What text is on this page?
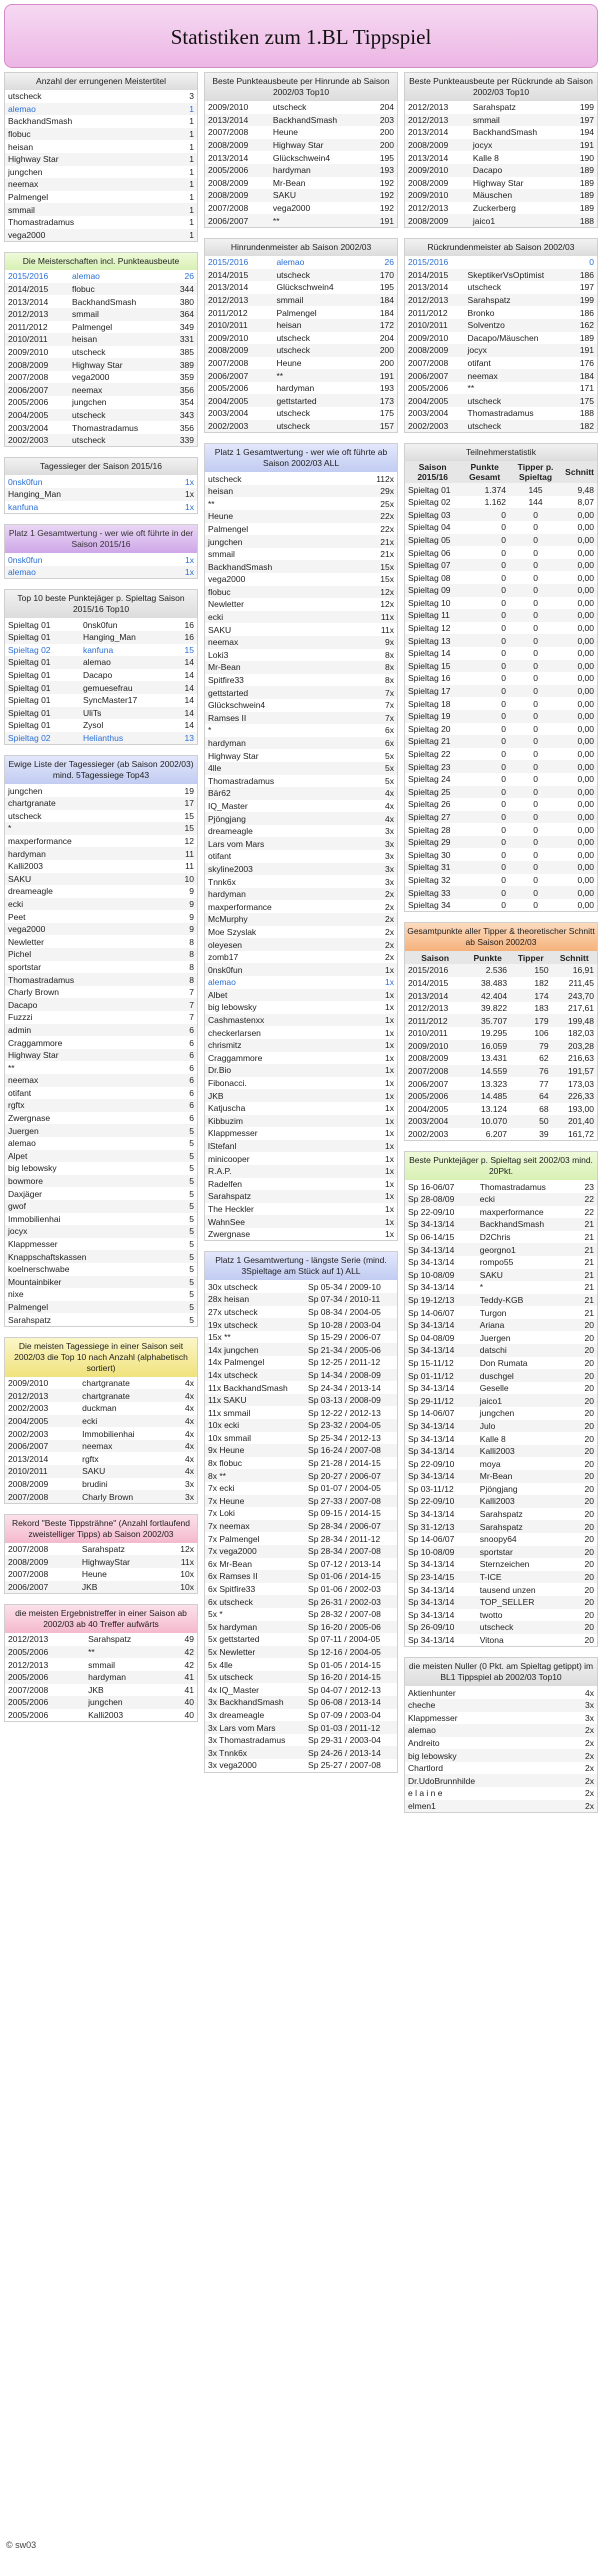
Statistiken zum 1.BL Tippspiel
Anzahl der errungenen Meistertitel
utscheck	3
alemao	1
BackhandSmash	1
flobuc	1
heisan	1
Highway Star	1
jungchen	1
neemax	1
Palmengel	1
smmail	1
Thomastradamus	1
vega2000	1
Die Meisterschaften incl. Punkteausbeute
2015/2016	alemao	26
2014/2015	flobuc	344
2013/2014	BackhandSmash	380
2012/2013	smmail	364
2011/2012	Palmengel	349
2010/2011	heisan	331
2009/2010	utscheck	385
2008/2009	Highway Star	389
2007/2008	vega2000	359
2006/2007	neemax	356
2005/2006	jungchen	354
2004/2005	utscheck	343
2003/2004	Thomastradamus	356
2002/2003	utscheck	339
Tagessieger der Saison 2015/16
0nsk0fun	1x
Hanging_Man	1x
kanfuna	1x
Platz 1 Gesamtwertung - wer wie oft führte in der Saison 2015/16
0nsk0fun	1x
alemao	1x
Top 10 beste Punktejäger p. Spieltag Saison 2015/16 Top10
Spieltag 01	0nsk0fun	16
Spieltag 01	Hanging_Man	16
Spieltag 02	kanfuna	15
Spieltag 01	alemao	14
Spieltag 01	Dacapo	14
Spieltag 01	gemuesefrau	14
Spieltag 01	SyncMaster17	14
Spieltag 01	UliTs	14
Spieltag 01	Zysol	14
Spieltag 02	Helianthus	13
Ewige Liste der Tagessieger (ab Saison 2002/03) mind. 5Tagessiege Top43
jungchen	19
chartgranate	17
utscheck	15
*	15
maxperformance	12
hardyman	11
Kalli2003	11
SAKU	10
dreameagle	9
ecki	9
Peet	9
vega2000	9
Newletter	8
Pichel	8
sportstar	8
Thomastradamus	8
Charly Brown	7
Dacapo	7
Fuzzzi	7
admin	6
Craggammore	6
Highway Star	6
**	6
neemax	6
otifant	6
rgftx	6
Zwergnase	6
Juergen	5
alemao	5
Alpet	5
big lebowsky	5
bowmore	5
Daxjäger	5
gwof	5
Immobilienhai	5
jocyx	5
Klappmesser	5
Knappschaftskassen	5
koelnerschwabe	5
Mountainbiker	5
nixe	5
Palmengel	5
Sarahspatz	5
Die meisten Tagessiege in einer Saison seit 2002/03 die Top 10 nach Anzahl (alphabetisch sortiert)
2009/2010	chartgranate	4x
2012/2013	chartgranate	4x
2002/2003	duckman	4x
2004/2005	ecki	4x
2002/2003	Immobilienhai	4x
2006/2007	neemax	4x
2013/2014	rgftx	4x
2010/2011	SAKU	4x
2008/2009	brudini	3x
2007/2008	Charly Brown	3x
Rekord "Beste Tippsträhne" (Anzahl fortlaufend zweistelliger Tipps) ab Saison 2002/03
2007/2008	Sarahspatz	12x
2008/2009	HighwayStar	11x
2007/2008	Heune	10x
2006/2007	JKB	10x
die meisten Ergebnistreffer in einer Saison ab 2002/03 ab 40 Treffer aufwärts
2012/2013	Sarahspatz	49
2005/2006	**	42
2012/2013	smmail	42
2005/2006	hardyman	41
2007/2008	JKB	41
2005/2006	jungchen	40
2005/2006	Kalli2003	40
Beste Punkteausbeute per Hinrunde ab Saison 2002/03 Top10
2009/2010	utscheck	204
2013/2014	BackhandSmash	203
2007/2008	Heune	200
2008/2009	Highway Star	200
2013/2014	Glückschwein4	195
2005/2006	hardyman	193
2008/2009	Mr-Bean	192
2008/2009	SAKU	192
2007/2008	vega2000	192
2006/2007	**	191
Hinrundenmeister ab Saison 2002/03
2015/2016	alemao	26
2014/2015	utscheck	170
2013/2014	Glückschwein4	195
2012/2013	smmail	184
2011/2012	Palmengel	184
2010/2011	heisan	172
2009/2010	utscheck	204
2008/2009	utscheck	200
2007/2008	Heune	200
2006/2007	**	191
2005/2006	hardyman	193
2004/2005	gettstarted	173
2003/2004	utscheck	175
2002/2003	utscheck	157
Platz 1 Gesamtwertung - wer wie oft führte ab Saison 2002/03 ALL
utscheck	112x
heisan	29x
**	25x
Heune	22x
Palmengel	22x
jungchen	21x
smmail	21x
BackhandSmash	15x
vega2000	15x
flobuc	12x
Newletter	12x
ecki	11x
SAKU	11x
neemax	9x
Loki3	8x
Mr-Bean	8x
Spitfire33	8x
gettstarted	7x
Glückschwein4	7x
Ramses II	7x
*	6x
hardyman	6x
Highway Star	5x
4lle	5x
Thomastradamus	5x
Bär62	4x
IQ_Master	4x
Pjöngjang	4x
dreameagle	3x
Lars vom Mars	3x
otifant	3x
skyline2003	3x
Tnnk6x	3x
hardyman	2x
maxperformance	2x
McMurphy	2x
Moe Szyslak	2x
oleyesen	2x
zomb17	2x
0nsk0fun	1x
alemao	1x
Albet	1x
big lebowsky	1x
Cashmastenxx	1x
checkerlarsen	1x
chrismitz	1x
Craggammore	1x
Dr.Bio	1x
Fibonacci.	1x
JKB	1x
Katjuscha	1x
Kibbuzim	1x
Klappmesser	1x
lStefanl	1x
minicooper	1x
R.A.P.	1x
Radelfen	1x
Sarahspatz	1x
The Heckler	1x
WahnSee	1x
Zwergnase	1x
Platz 1 Gesamtwertung - längste Serie (mind. 3Spieltage am Stück auf 1) ALL
30x utscheck	Sp 05-34 / 2009-10
28x heisan	Sp 07-34 / 2010-11
27x utscheck	Sp 08-34 / 2004-05
19x utscheck	Sp 10-28 / 2003-04
15x **	Sp 15-29 / 2006-07
14x jungchen	Sp 21-34 / 2005-06
14x Palmengel	Sp 12-25 / 2011-12
14x utscheck	Sp 14-34 / 2008-09
11x BackhandSmash	Sp 24-34 / 2013-14
11x SAKU	Sp 03-13 / 2008-09
11x smmail	Sp 12-22 / 2012-13
10x ecki	Sp 23-32 / 2004-05
10x smmail	Sp 25-34 / 2012-13
9x Heune	Sp 16-24 / 2007-08
8x flobuc	Sp 21-28 / 2014-15
8x **	Sp 20-27 / 2006-07
7x ecki	Sp 01-07 / 2004-05
7x Heune	Sp 27-33 / 2007-08
7x Loki	Sp 09-15 / 2014-15
7x neemax	Sp 28-34 / 2006-07
7x Palmengel	Sp 28-34 / 2011-12
7x vega2000	Sp 28-34 / 2007-08
6x Mr-Bean	Sp 07-12 / 2013-14
6x Ramses II	Sp 01-06 / 2014-15
6x Spitfire33	Sp 01-06 / 2002-03
6x utscheck	Sp 26-31 / 2002-03
5x *	Sp 28-32 / 2007-08
5x hardyman	Sp 16-20 / 2005-06
5x gettstarted	Sp 07-11 / 2004-05
5x Newletter	Sp 12-16 / 2004-05
5x 4lle	Sp 01-05 / 2014-15
5x utscheck	Sp 16-20 / 2014-15
4x IQ_Master	Sp 04-07 / 2012-13
3x BackhandSmash	Sp 06-08 / 2013-14
3x dreameagle	Sp 07-09 / 2003-04
3x Lars vom Mars	Sp 01-03 / 2011-12
3x Thomastradamus	Sp 29-31 / 2003-04
3x Tnnk6x	Sp 24-26 / 2013-14
3x vega2000	Sp 25-27 / 2007-08
Beste Punkteausbeute per Rückrunde ab Saison 2002/03 Top10
2012/2013	Sarahspatz	199
2012/2013	smmail	197
2013/2014	BackhandSmash	194
2008/2009	jocyx	191
2013/2014	Kalle 8	190
2009/2010	Dacapo	189
2008/2009	Highway Star	189
2009/2010	Mäuschen	189
2012/2013	Zuckerberg	189
2008/2009	jaico1	188
Rückrundenmeister ab Saison 2002/03
2015/2016		0
2014/2015	SkeptikerVsOptimist	186
2013/2014	utscheck	197
2012/2013	Sarahspatz	199
2011/2012	Bronko	186
2010/2011	Solventzo	162
2009/2010	Dacapo/Mäuschen	189
2008/2009	jocyx	191
2007/2008	otifant	176
2006/2007	neemax	184
2005/2006	**	171
2004/2005	utscheck	175
2003/2004	Thomastradamus	188
2002/2003	utscheck	182
Teilnehmerstatistik
Saison 2015/16	Punkte Gesamt	Tipper p. Spieltag	Schnitt
Spieltag 01	1.374	145	9,48
Spieltag 02	1.162	144	8,07
Spieltag 03	0	0	0,00
Spieltag 04	0	0	0,00
Spieltag 05	0	0	0,00
Spieltag 06	0	0	0,00
Spieltag 07	0	0	0,00
Spieltag 08	0	0	0,00
Spieltag 09	0	0	0,00
Spieltag 10	0	0	0,00
Spieltag 11	0	0	0,00
Spieltag 12	0	0	0,00
Spieltag 13	0	0	0,00
Spieltag 14	0	0	0,00
Spieltag 15	0	0	0,00
Spieltag 16	0	0	0,00
Spieltag 17	0	0	0,00
Spieltag 18	0	0	0,00
Spieltag 19	0	0	0,00
Spieltag 20	0	0	0,00
Spieltag 21	0	0	0,00
Spieltag 22	0	0	0,00
Spieltag 23	0	0	0,00
Spieltag 24	0	0	0,00
Spieltag 25	0	0	0,00
Spieltag 26	0	0	0,00
Spieltag 27	0	0	0,00
Spieltag 28	0	0	0,00
Spieltag 29	0	0	0,00
Spieltag 30	0	0	0,00
Spieltag 31	0	0	0,00
Spieltag 32	0	0	0,00
Spieltag 33	0	0	0,00
Spieltag 34	0	0	0,00
Gesamtpunkte aller Tipper & theoretischer Schnitt ab Saison 2002/03
Saison	Punkte	Tipper	Schnitt
2015/2016	2.536	150	16,91
2014/2015	38.483	182	211,45
2013/2014	42.404	174	243,70
2012/2013	39.822	183	217,61
2011/2012	35.707	179	199,48
2010/2011	19.295	106	182,03
2009/2010	16.059	79	203,28
2008/2009	13.431	62	216,63
2007/2008	14.559	76	191,57
2006/2007	13.323	77	173,03
2005/2006	14.485	64	226,33
2004/2005	13.124	68	193,00
2003/2004	10.070	50	201,40
2002/2003	6.207	39	161,72
Beste Punktejäger p. Spieltag seit 2002/03 mind. 20Pkt.
Sp 16-06/07	Thomastradamus	23
Sp 28-08/09	ecki	22
Sp 22-09/10	maxperformance	22
Sp 34-13/14	BackhandSmash	21
Sp 06-14/15	D2Chris	21
Sp 34-13/14	georgno1	21
Sp 34-13/14	rompo55	21
Sp 10-08/09	SAKU	21
Sp 34-13/14	*	21
Sp 19-12/13	Teddy-KGB	21
Sp 14-06/07	Turgon	21
Sp 34-13/14	Ariana	20
Sp 04-08/09	Juergen	20
Sp 34-13/14	datschi	20
Sp 15-11/12	Don Rumata	20
Sp 01-11/12	duschgel	20
Sp 34-13/14	Geselle	20
Sp 29-11/12	jaico1	20
Sp 14-06/07	jungchen	20
Sp 34-13/14	Julo	20
Sp 34-13/14	Kalle 8	20
Sp 34-13/14	Kalli2003	20
Sp 22-09/10	moya	20
Sp 34-13/14	Mr-Bean	20
Sp 03-11/12	Pjöngjang	20
Sp 22-09/10	Kalli2003	20
Sp 34-13/14	Sarahspatz	20
Sp 31-12/13	Sarahspatz	20
Sp 14-06/07	snoopy64	20
Sp 10-08/09	sportstar	20
Sp 34-13/14	Sternzeichen	20
Sp 23-14/15	T-ICE	20
Sp 34-13/14	tausend unzen	20
Sp 34-13/14	TOP_SELLER	20
Sp 34-13/14	twotto	20
Sp 26-09/10	utscheck	20
Sp 34-13/14	Vitona	20
die meisten Nuller (0 Pkt. am Spieltag getippt) im BL1 Tippspiel ab 2002/03 Top10
Aktienhunter	4x
cheche	3x
Klappmesser	3x
alemao	2x
Andreito	2x
big lebowsky	2x
Chartlord	2x
Dr.UdoBrunnhilde	2x
e l a i n e	2x
elmen1	2x
© sw03
